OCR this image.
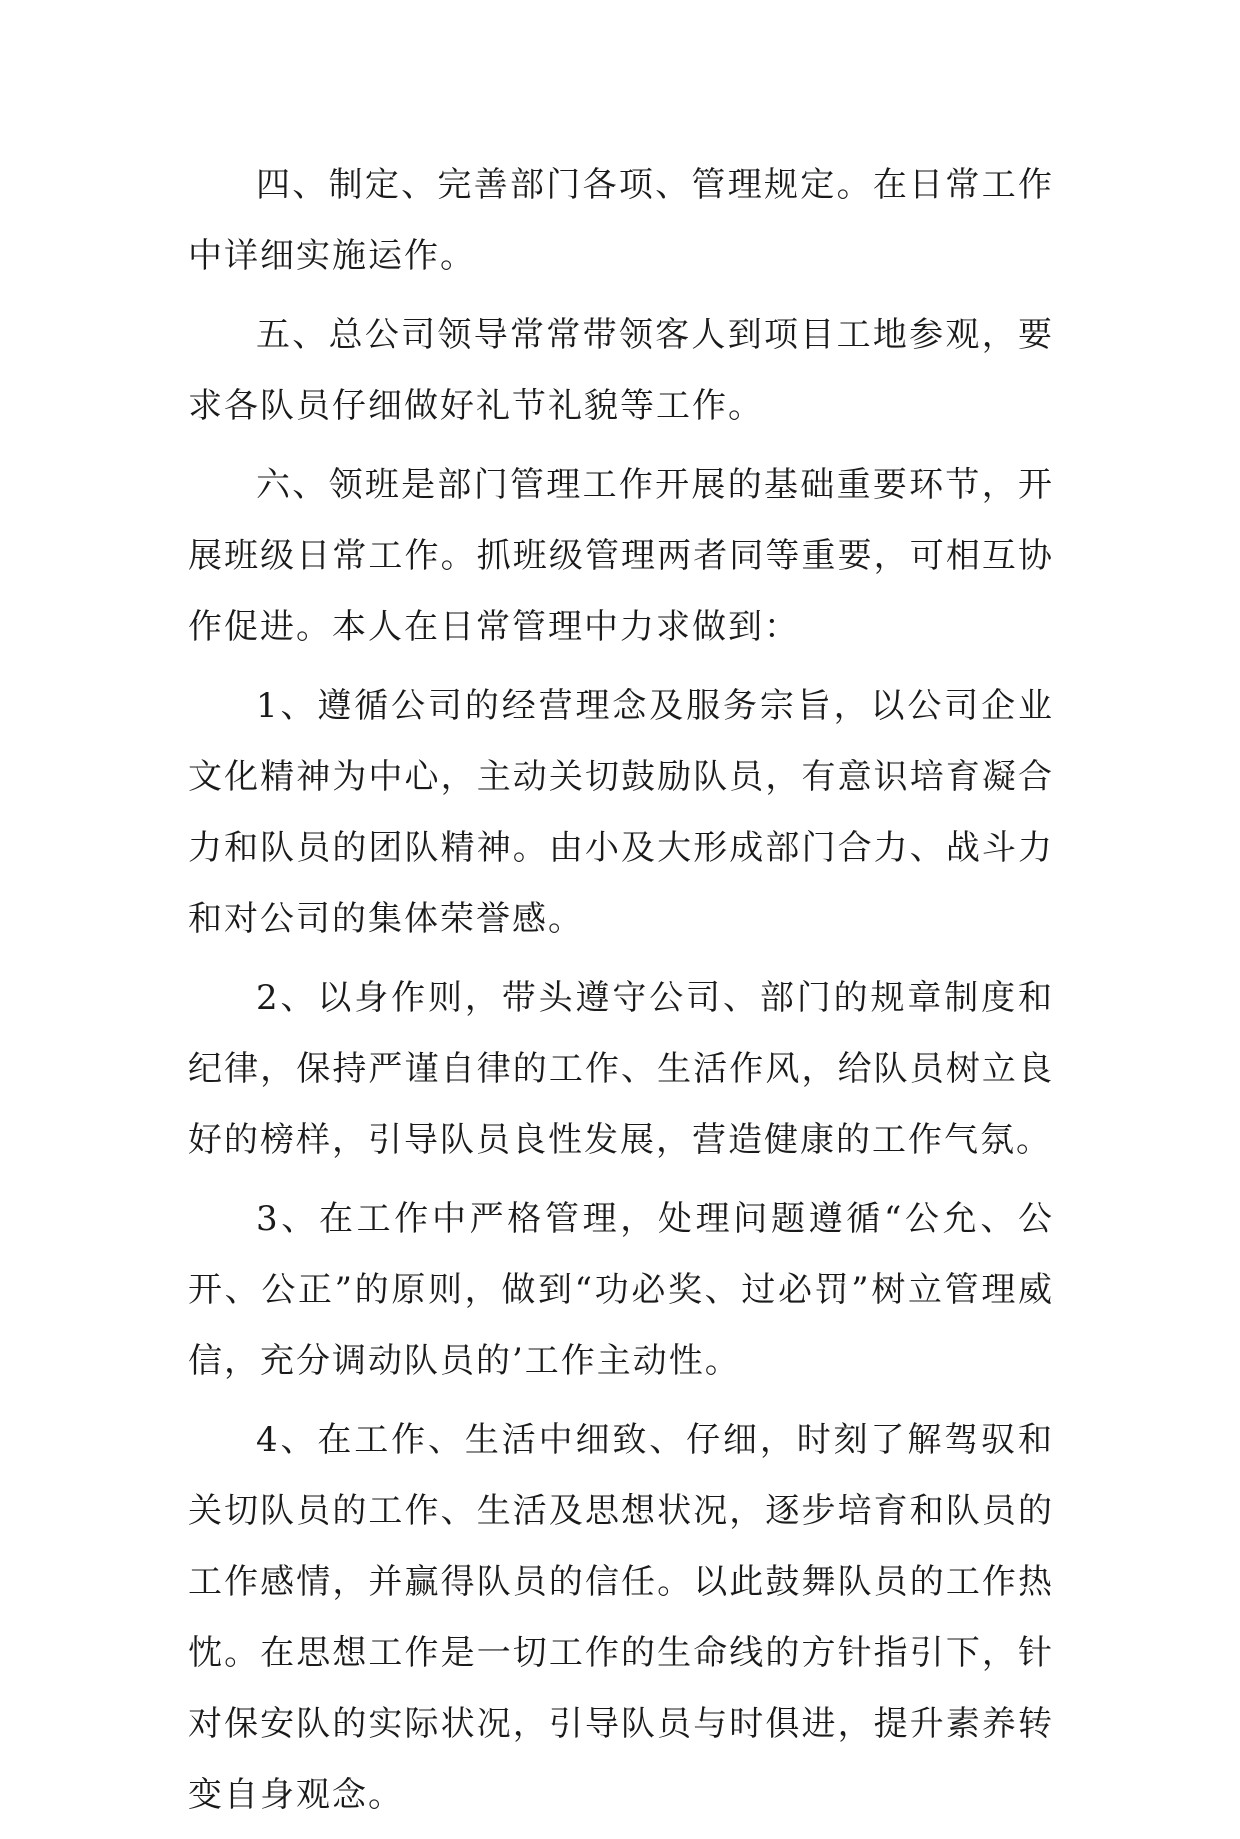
四、制定、完善部门各项、管理规定。在日常工作中详细实施运作。

五、总公司领导常常带领客人到项目工地参观，要求各队员仔细做好礼节礼貌等工作。

六、领班是部门管理工作开展的基础重要环节，开展班级日常工作。抓班级管理两者同等重要，可相互协作促进。本人在日常管理中力求做到：

1、遵循公司的经营理念及服务宗旨，以公司企业文化精神为中心，主动关切鼓励队员，有意识培育凝合力和队员的团队精神。由小及大形成部门合力、战斗力和对公司的集体荣誉感。

2、以身作则，带头遵守公司、部门的规章制度和纪律，保持严谨自律的工作、生活作风，给队员树立良好的榜样，引导队员良性发展，营造健康的工作气氛。

3、在工作中严格管理，处理问题遵循“公允、公开、公正”的原则，做到“功必奖、过必罚”树立管理威信，充分调动队员的’工作主动性。

4、在工作、生活中细致、仔细，时刻了解驾驭和关切队员的工作、生活及思想状况，逐步培育和队员的工作感情，并赢得队员的信任。以此鼓舞队员的工作热忱。在思想工作是一切工作的生命线的方针指引下，针对保安队的实际状况，引导队员与时俱进，提升素养转变自身观念。
